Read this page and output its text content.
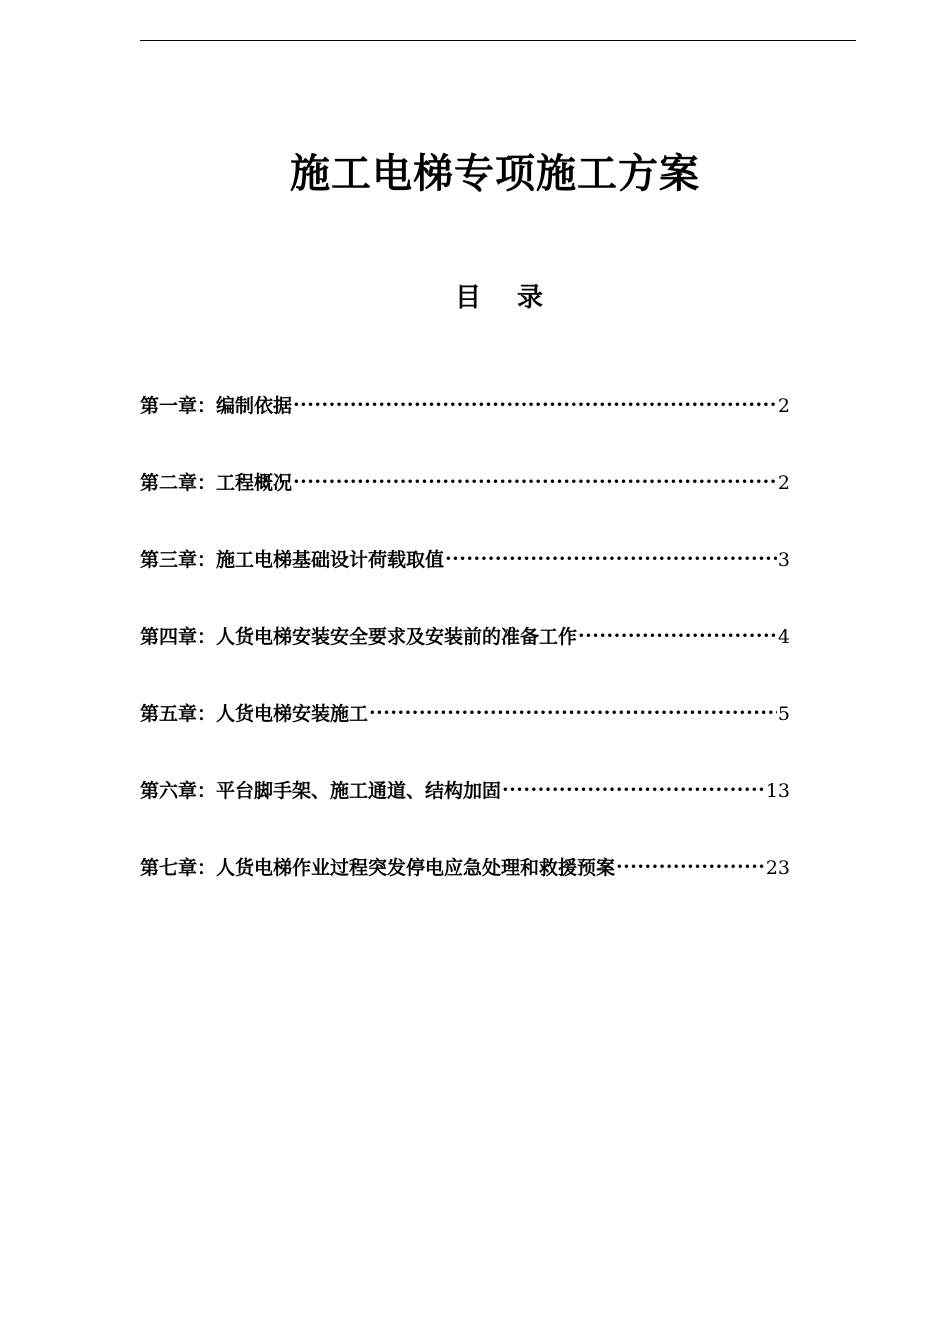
施工电梯专项施工方案
目 录
第一章：编制依据 ·····	2
第二章：工程概况 ·····	2
第三章：施工电梯基础设计荷载取值 ·····	3
第四章：人货电梯安装安全要求及安装前的准备工作 ·····	4
第五章：人货电梯安装施工 ·····	5
第六章：平台脚手架、施工通道、结构加固 ·····	13
第七章：人货电梯作业过程突发停电应急处理和救援预案 ·····	23
